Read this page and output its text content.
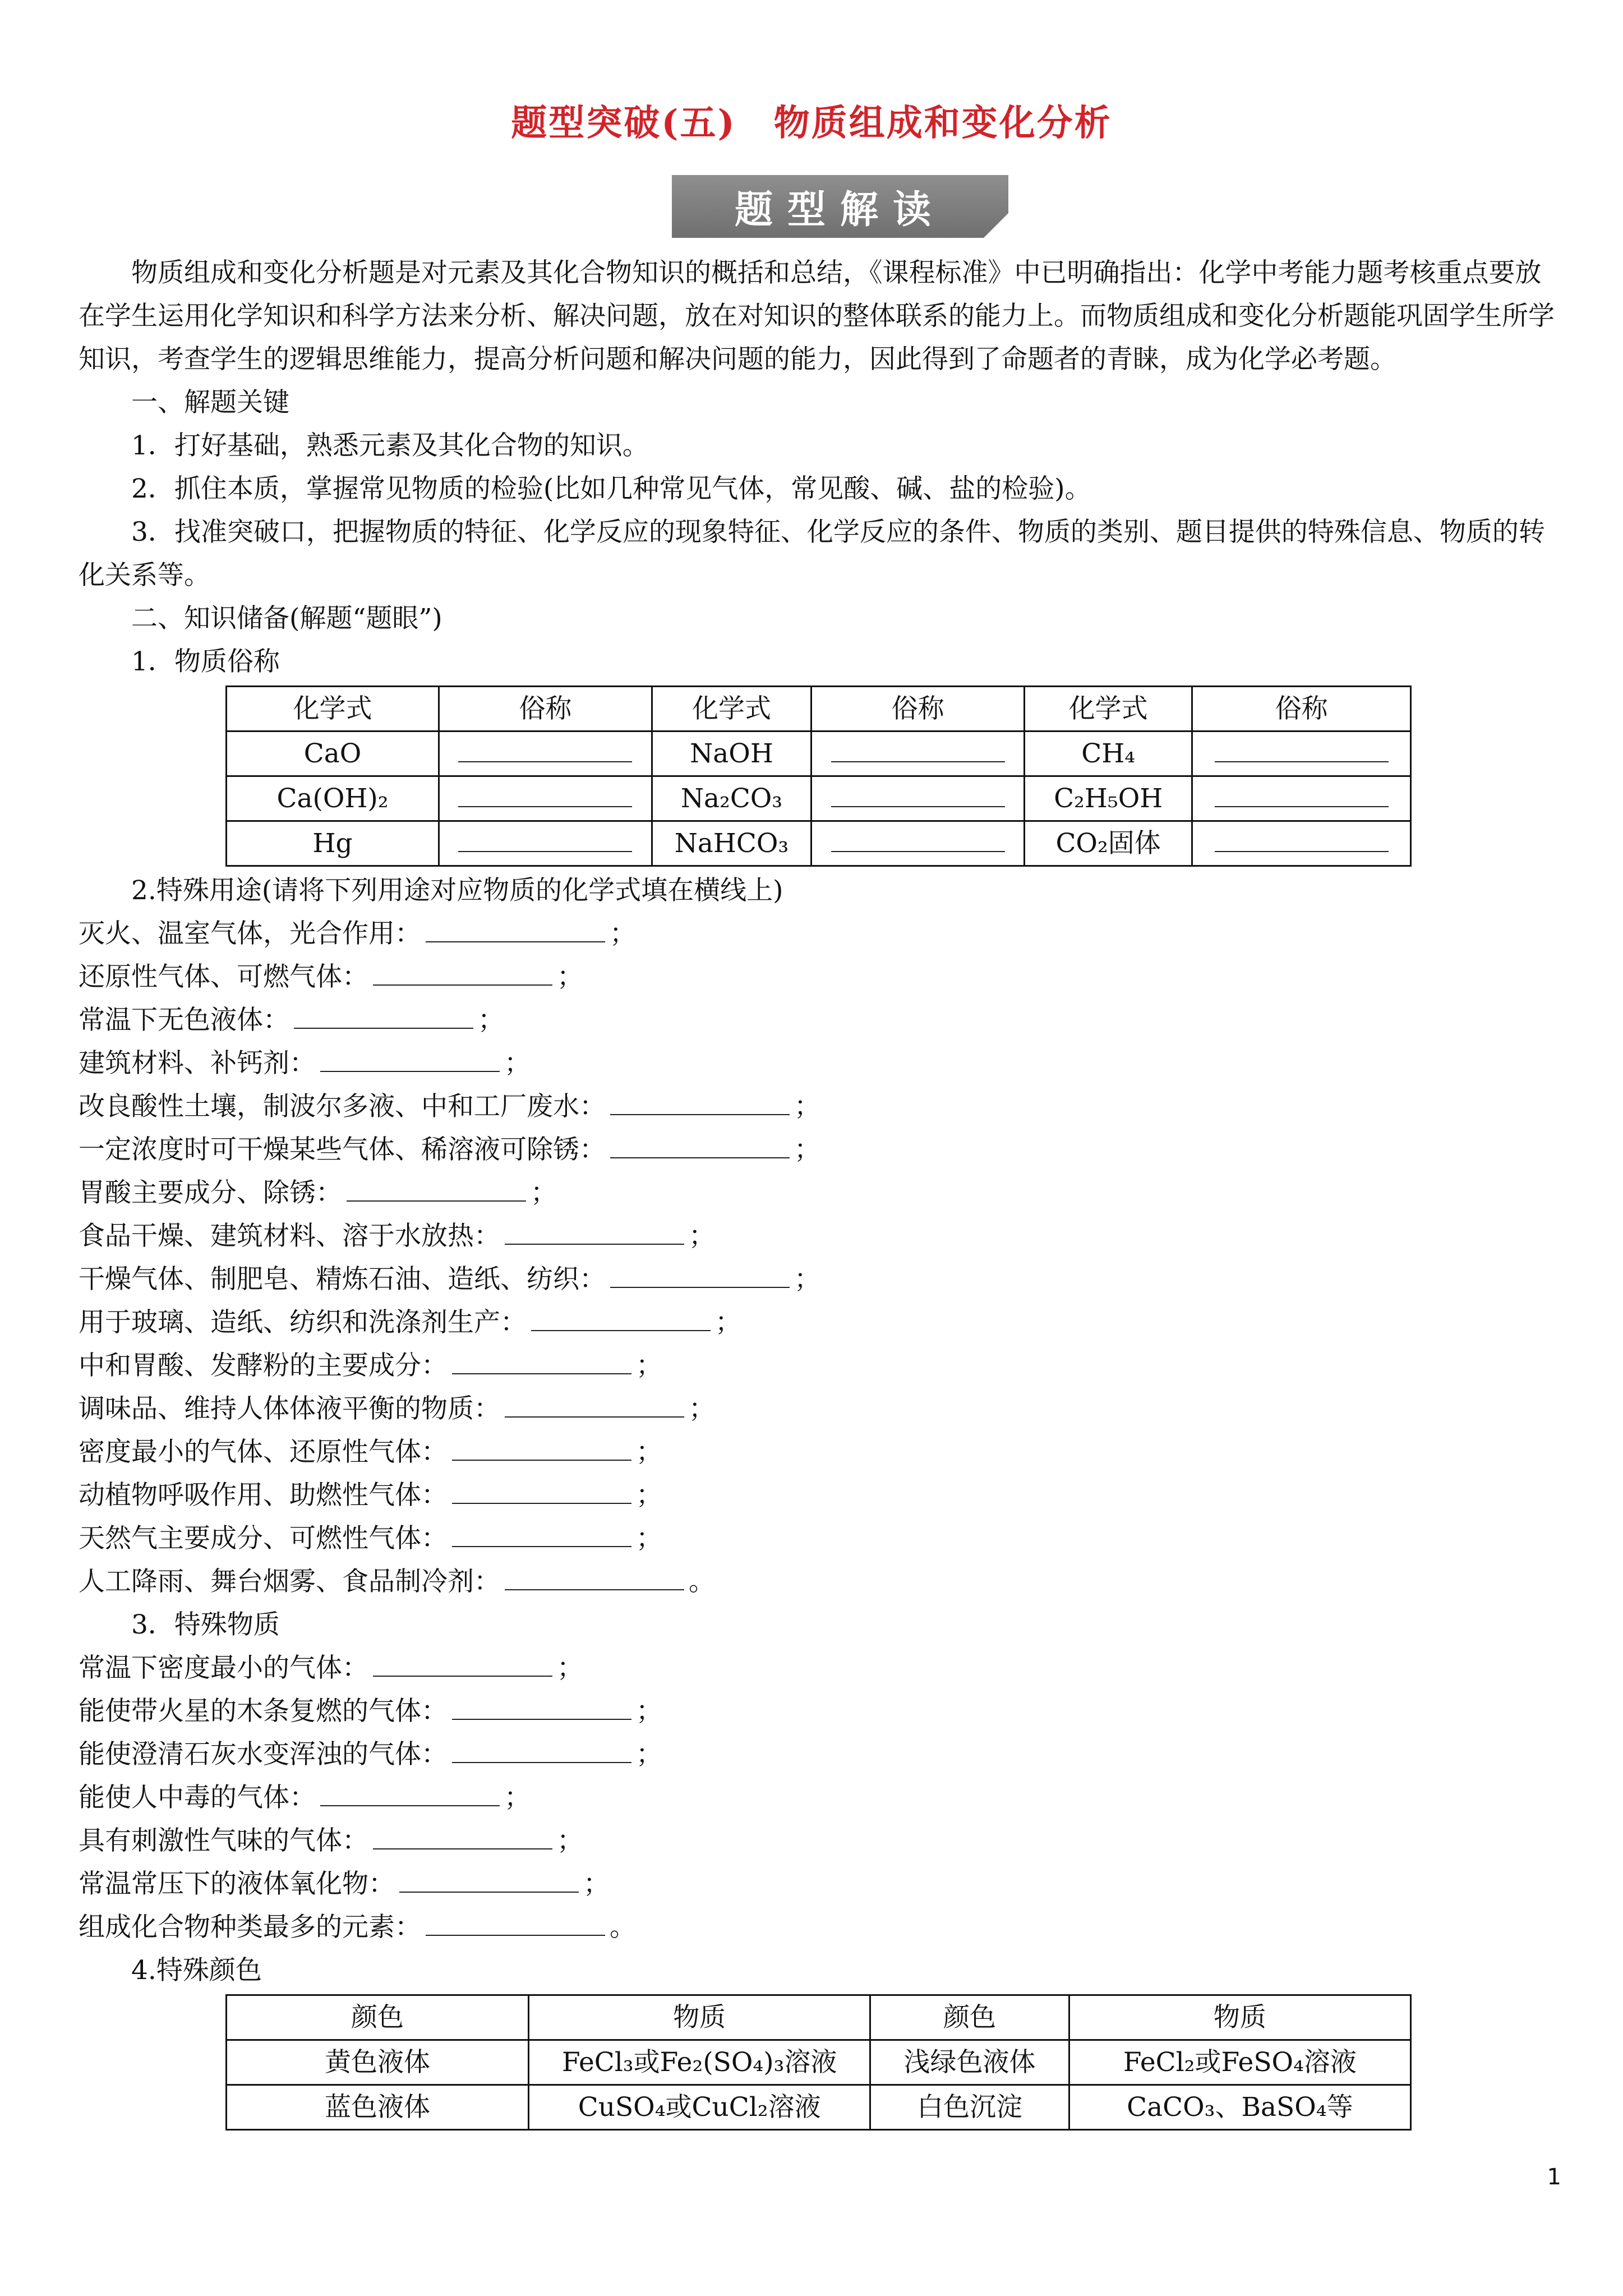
题型突破(五)　物质组成和变化分析
题型解读

物质组成和变化分析题是对元素及其化合物知识的概括和总结，《课程标准》中已明确指出：化学中考能力题考核重点要放在学生运用化学知识和科学方法来分析、解决问题，放在对知识的整体联系的能力上。而物质组成和变化分析题能巩固学生所学知识，考查学生的逻辑思维能力，提高分析问题和解决问题的能力，因此得到了命题者的青睐，成为化学必考题。

一、解题关键

1．打好基础，熟悉元素及其化合物的知识。

2．抓住本质，掌握常见物质的检验(比如几种常见气体，常见酸、碱、盐的检验)。

3．找准突破口，把握物质的特征、化学反应的现象特征、化学反应的条件、物质的类别、题目提供的特殊信息、物质的转化关系等。

二、知识储备(解题“题眼”)

1．物质俗称

化学式	俗称	化学式	俗称	化学式	俗称
CaO		NaOH		CH₄	
Ca(OH)₂		Na₂CO₃		C₂H₅OH	
Hg		NaHCO₃		CO₂固体	

2.特殊用途(请将下列用途对应物质的化学式填在横线上)

灭火、温室气体，光合作用：	；

还原性气体、可燃气体：	；

常温下无色液体：	；

建筑材料、补钙剂：	；

改良酸性土壤，制波尔多液、中和工厂废水：	；

一定浓度时可干燥某些气体、稀溶液可除锈：	；

胃酸主要成分、除锈：	；

食品干燥、建筑材料、溶于水放热：	；

干燥气体、制肥皂、精炼石油、造纸、纺织：	；

用于玻璃、造纸、纺织和洗涤剂生产：	；

中和胃酸、发酵粉的主要成分：	；

调味品、维持人体体液平衡的物质：	；

密度最小的气体、还原性气体：	；

动植物呼吸作用、助燃性气体：	；

天然气主要成分、可燃性气体：	；

人工降雨、舞台烟雾、食品制冷剂：	。

3．特殊物质

常温下密度最小的气体：	；

能使带火星的木条复燃的气体：	；

能使澄清石灰水变浑浊的气体：	；

能使人中毒的气体：	；

具有刺激性气味的气体：	；

常温常压下的液体氧化物：	；

组成化合物种类最多的元素：	。

4.特殊颜色

颜色	物质	颜色	物质
黄色液体	FeCl₃或Fe₂(SO₄)₃溶液	浅绿色液体	FeCl₂或FeSO₄溶液
蓝色液体	CuSO₄或CuCl₂溶液	白色沉淀	CaCO₃、BaSO₄等
1
